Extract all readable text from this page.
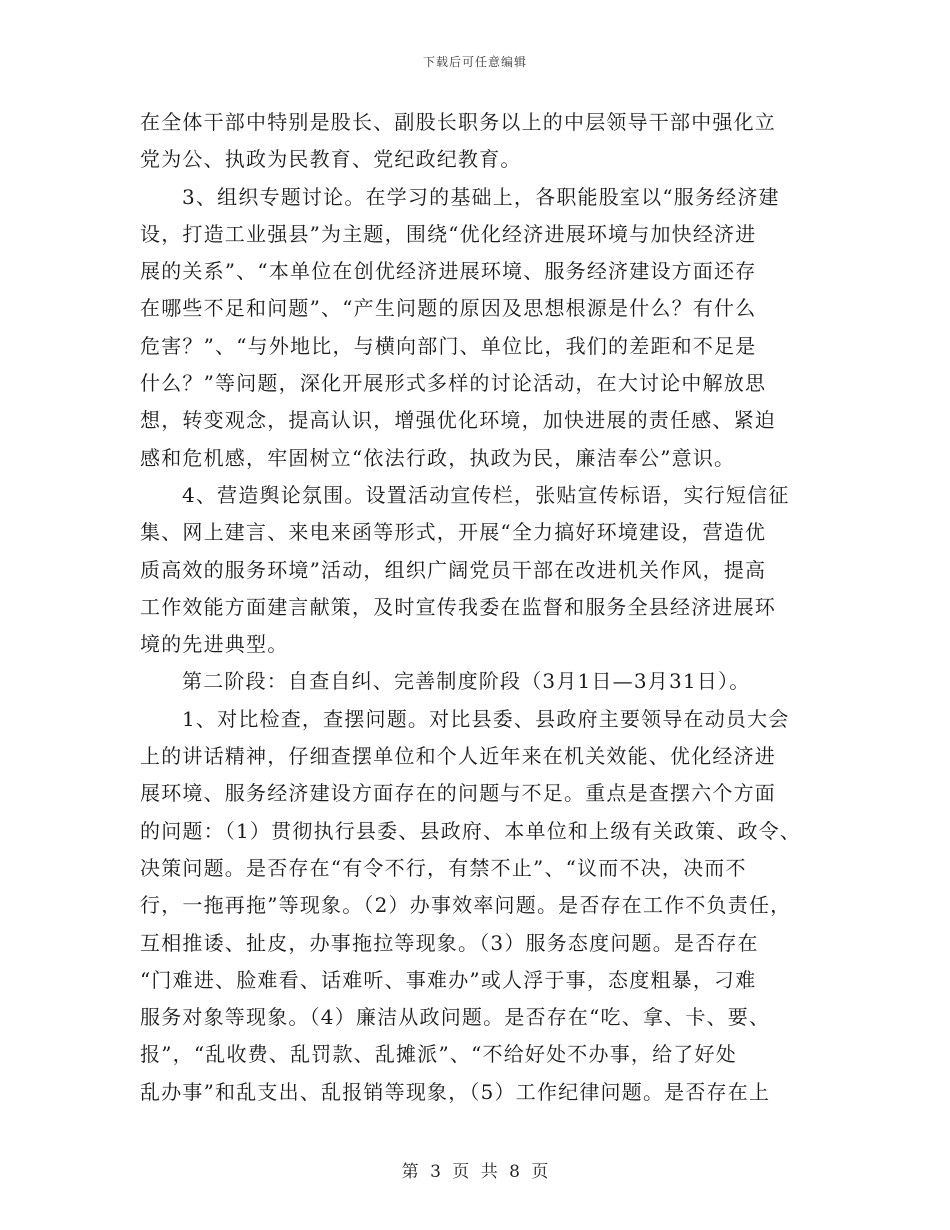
下载后可任意编辑
在全体干部中特别是股长、副股长职务以上的中层领导干部中强化立
党为公、执政为民教育、党纪政纪教育。
3、组织专题讨论。在学习的基础上，各职能股室以“服务经济建
设，打造工业强县”为主题，围绕“优化经济进展环境与加快经济进
展的关系”、“本单位在创优经济进展环境、服务经济建设方面还存
在哪些不足和问题”、“产生问题的原因及思想根源是什么？有什么
危害？”、“与外地比，与横向部门、单位比，我们的差距和不足是
什么？”等问题，深化开展形式多样的讨论活动，在大讨论中解放思
想，转变观念，提高认识，增强优化环境，加快进展的责任感、紧迫
感和危机感，牢固树立“依法行政，执政为民，廉洁奉公”意识。
4、营造舆论氛围。设置活动宣传栏，张贴宣传标语，实行短信征
集、网上建言、来电来函等形式，开展“全力搞好环境建设，营造优
质高效的服务环境”活动，组织广阔党员干部在改进机关作风，提高
工作效能方面建言献策，及时宣传我委在监督和服务全县经济进展环
境的先进典型。
第二阶段：自查自纠、完善制度阶段（3月1日—3月31日）。
1、对比检查，查摆问题。对比县委、县政府主要领导在动员大会
上的讲话精神，仔细查摆单位和个人近年来在机关效能、优化经济进
展环境、服务经济建设方面存在的问题与不足。重点是查摆六个方面
的问题：（1）贯彻执行县委、县政府、本单位和上级有关政策、政令、
决策问题。是否存在“有令不行，有禁不止”、“议而不决，决而不
行，一拖再拖”等现象。（2）办事效率问题。是否存在工作不负责任，
互相推诿、扯皮，办事拖拉等现象。（3）服务态度问题。是否存在
“门难进、脸难看、话难听、事难办”或人浮于事，态度粗暴，刁难
服务对象等现象。（4）廉洁从政问题。是否存在“吃、拿、卡、要、
报”，“乱收费、乱罚款、乱摊派”、“不给好处不办事，给了好处
乱办事”和乱支出、乱报销等现象，（5）工作纪律问题。是否存在上
第 3 页 共 8 页
